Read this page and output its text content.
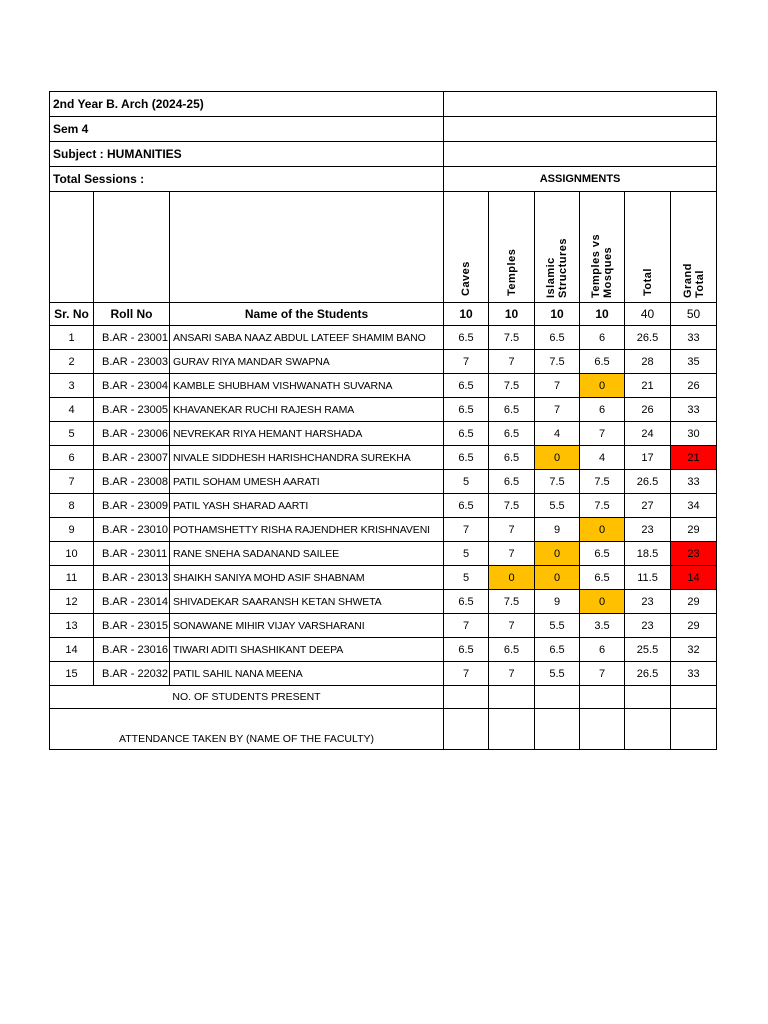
2nd Year B. Arch (2024-25)								
Sem 4								
Subject : HUMANITIES								
Total Sessions :			ASSIGNMENTS					

			Caves	Temples	Islamic
Structures	Temples vs
Mosques	Total	Grand
Total

Sr. No	Roll No	Name of the Students	10	10	10	10	40	50
1	B.AR - 23001	ANSARI SABA NAAZ ABDUL LATEEF SHAMIM BANO	6.5	7.5	6.5	6	26.5	33
2	B.AR - 23003	GURAV RIYA MANDAR SWAPNA	7	7	7.5	6.5	28	35
3	B.AR - 23004	KAMBLE SHUBHAM VISHWANATH SUVARNA	6.5	7.5	7	0	21	26
4	B.AR - 23005	KHAVANEKAR RUCHI RAJESH RAMA	6.5	6.5	7	6	26	33
5	B.AR - 23006	NEVREKAR RIYA HEMANT HARSHADA	6.5	6.5	4	7	24	30
6	B.AR - 23007	NIVALE SIDDHESH HARISHCHANDRA SUREKHA	6.5	6.5	0	4	17	21
7	B.AR - 23008	PATIL SOHAM UMESH AARATI	5	6.5	7.5	7.5	26.5	33
8	B.AR - 23009	PATIL YASH SHARAD AARTI	6.5	7.5	5.5	7.5	27	34
9	B.AR - 23010	POTHAMSHETTY RISHA RAJENDHER KRISHNAVENI	7	7	9	0	23	29
10	B.AR - 23011	RANE SNEHA SADANAND SAILEE	5	7	0	6.5	18.5	23
11	B.AR - 23013	SHAIKH SANIYA MOHD ASIF SHABNAM	5	0	0	6.5	11.5	14
12	B.AR - 23014	SHIVADEKAR SAARANSH KETAN SHWETA	6.5	7.5	9	0	23	29
13	B.AR - 23015	SONAWANE MIHIR VIJAY VARSHARANI	7	7	5.5	3.5	23	29
14	B.AR - 23016	TIWARI ADITI SHASHIKANT DEEPA	6.5	6.5	6.5	6	25.5	32
15	B.AR - 22032	PATIL SAHIL NANA MEENA	7	7	5.5	7	26.5	33
NO. OF STUDENTS PRESENT								
ATTENDANCE TAKEN BY (NAME OF THE FACULTY)								
